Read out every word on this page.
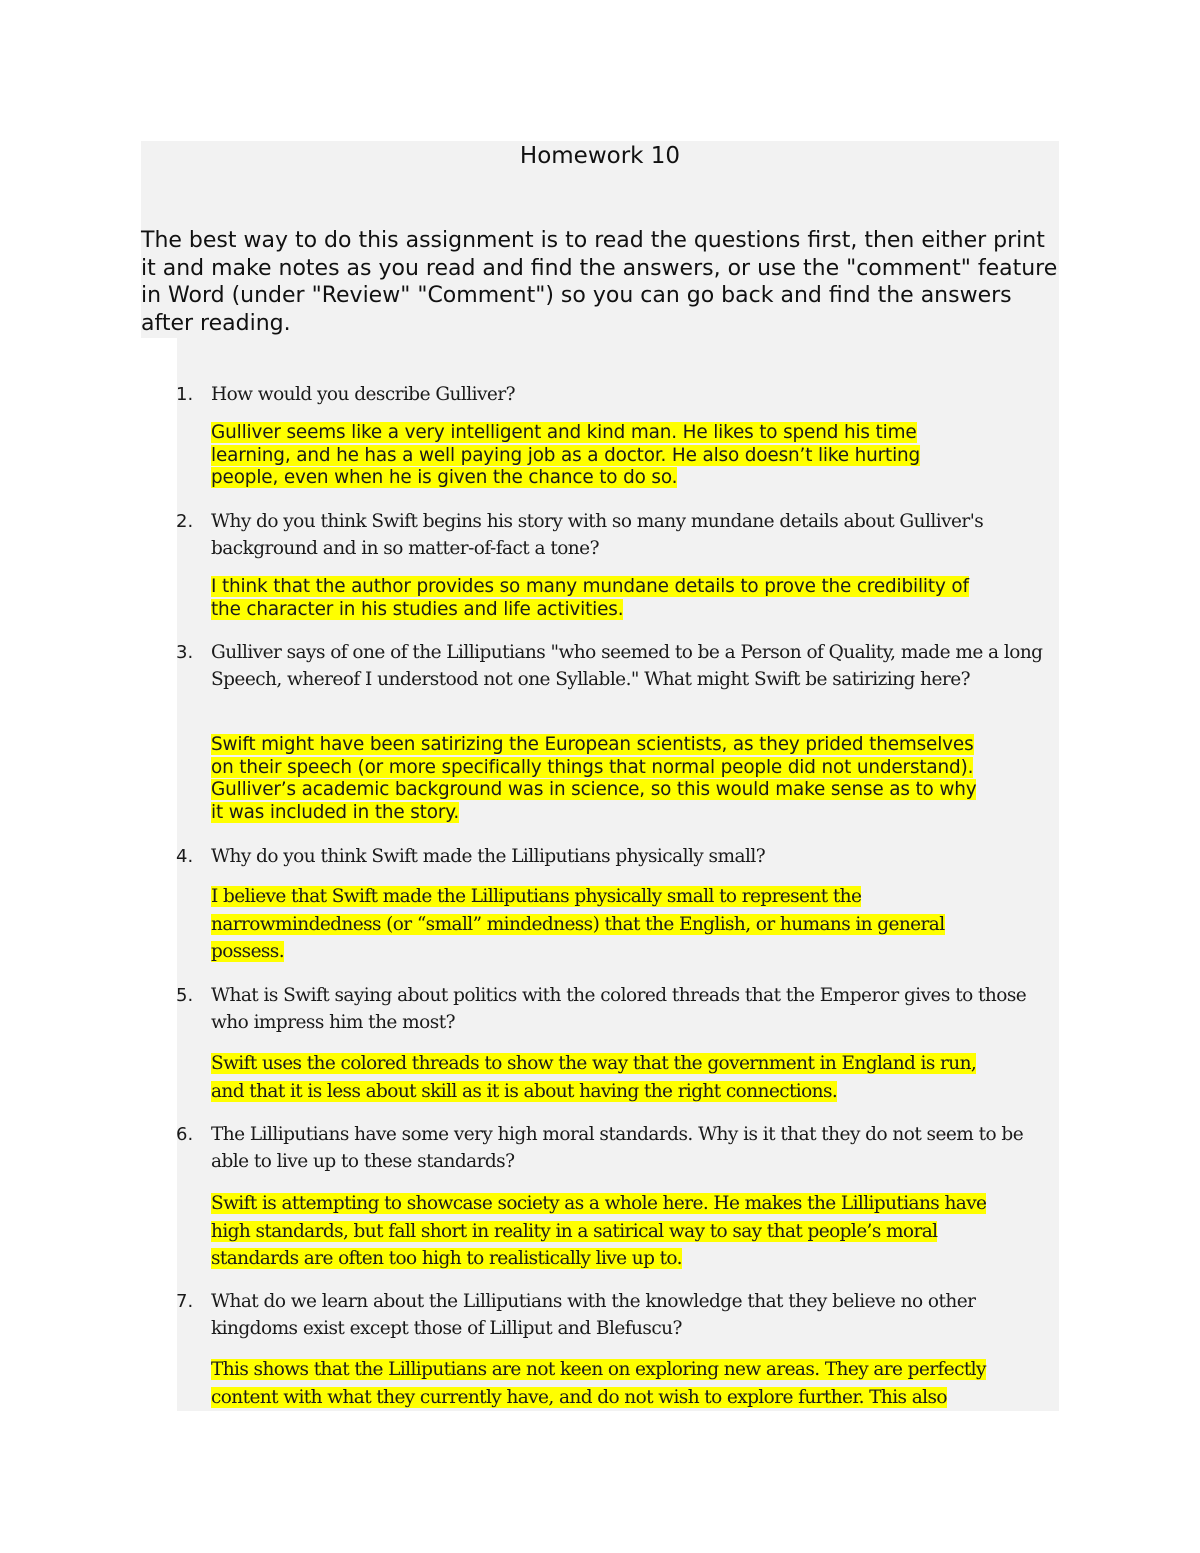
Homework 10
The best way to do this assignment is to read the questions first, then either print it and make notes as you read and find the answers, or use the "comment" feature in Word (under "Review" "Comment") so you can go back and find the answers after reading.
1. How would you describe Gulliver?
Gulliver seems like a very intelligent and kind man. He likes to spend his time
learning, and he has a well paying job as a doctor. He also doesn’t like hurting
people, even when he is given the chance to do so.
2. Why do you think Swift begins his story with so many mundane details about Gulliver's background and in so matter-of-fact a tone?
I think that the author provides so many mundane details to prove the credibility of
the character in his studies and life activities.
3. Gulliver says of one of the Lilliputians "who seemed to be a Person of Quality, made me a long Speech, whereof I understood not one Syllable." What might Swift be satirizing here?
Swift might have been satirizing the European scientists, as they prided themselves
on their speech (or more specifically things that normal people did not understand).
Gulliver’s academic background was in science, so this would make sense as to why
it was included in the story.
4. Why do you think Swift made the Lilliputians physically small?
I believe that Swift made the Lilliputians physically small to represent the
narrowmindedness (or “small” mindedness) that the English, or humans in general
possess.
5. What is Swift saying about politics with the colored threads that the Emperor gives to those who impress him the most?
Swift uses the colored threads to show the way that the government in England is run,
and that it is less about skill as it is about having the right connections.
6. The Lilliputians have some very high moral standards. Why is it that they do not seem to be able to live up to these standards?
Swift is attempting to showcase society as a whole here. He makes the Lilliputians have
high standards, but fall short in reality in a satirical way to say that people’s moral
standards are often too high to realistically live up to.
7. What do we learn about the Lilliputians with the knowledge that they believe no other kingdoms exist except those of Lilliput and Blefuscu?
This shows that the Lilliputians are not keen on exploring new areas. They are perfectly
content with what they currently have, and do not wish to explore further. This also
